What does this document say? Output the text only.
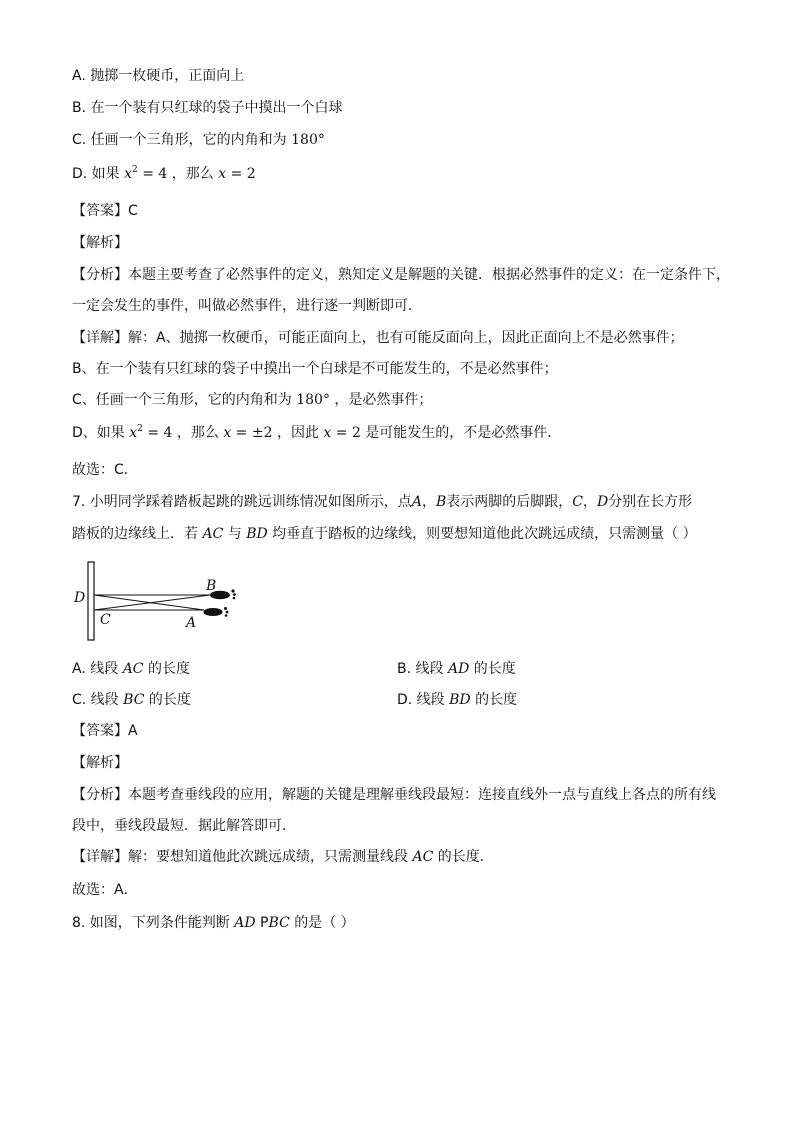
A. 抛掷一枚硬币，正面向上
B. 在一个装有只红球的袋子中摸出一个白球
C. 任画一个三角形，它的内角和为 180°
D. 如果 $x^2 = 4$ ，那么 x = 2
【答案】C
【解析】
【分析】本题主要考查了必然事件的定义，熟知定义是解题的关键．根据必然事件的定义：在一定条件下，
一定会发生的事件，叫做必然事件，进行逐一判断即可．
【详解】解：A、抛掷一枚硬币，可能正面向上，也有可能反面向上，因此正面向上不是必然事件；
B、在一个装有只红球的袋子中摸出一个白球是不可能发生的，不是必然事件；
C、任画一个三角形，它的内角和为 180° ，是必然事件；
D、如果 $x^2 = 4$ ，那么 x = ±2 ，因此 x = 2 是可能发生的，不是必然事件．
故选：C．
7. 小明同学踩着踏板起跳的跳远训练情况如图所示，点A，B表示两脚的后脚跟，C，D分别在长方形
踏板的边缘线上．若 AC 与 BD 均垂直于踏板的边缘线，则要想知道他此次跳远成绩，只需测量（ ）
D
B
C	A
A. 线段 AC 的长度	B. 线段 AD 的长度
C. 线段 BC 的长度	D. 线段 BD 的长度
【答案】A
【解析】
【分析】本题考查垂线段的应用，解题的关键是理解垂线段最短：连接直线外一点与直线上各点的所有线
段中，垂线段最短．据此解答即可．
【详解】解：要想知道他此次跳远成绩，只需测量线段 AC 的长度．
故选：A．
8. 如图，下列条件能判断 AD PBC 的是（ ）
